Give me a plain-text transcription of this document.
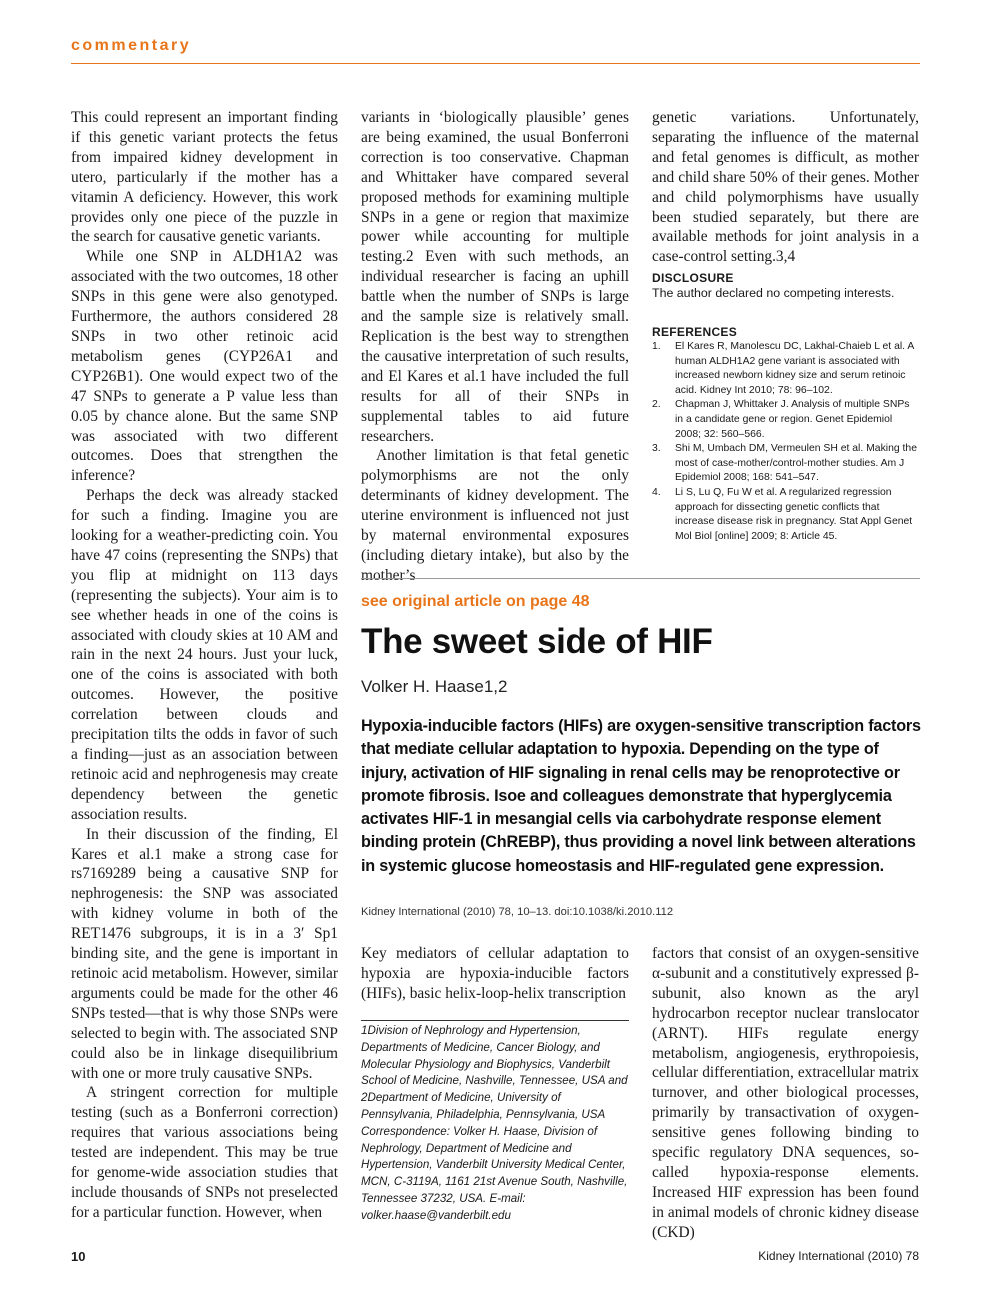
commentary

This could represent an important finding if this genetic variant protects the fetus from impaired kidney development in utero, particularly if the mother has a vitamin A deficiency. However, this work provides only one piece of the puzzle in the search for causative genetic variants.

While one SNP in ALDH1A2 was associated with the two outcomes, 18 other SNPs in this gene were also genotyped. Furthermore, the authors considered 28 SNPs in two other retinoic acid metabolism genes (CYP26A1 and CYP26B1). One would expect two of the 47 SNPs to generate a P value less than 0.05 by chance alone. But the same SNP was associated with two different outcomes. Does that strengthen the inference?

Perhaps the deck was already stacked for such a finding. Imagine you are looking for a weather-predicting coin. You have 47 coins (representing the SNPs) that you flip at midnight on 113 days (representing the subjects). Your aim is to see whether heads in one of the coins is associated with cloudy skies at 10 AM and rain in the next 24 hours. Just your luck, one of the coins is associated with both outcomes. However, the positive correlation between clouds and precipitation tilts the odds in favor of such a finding—just as an association between retinoic acid and nephrogenesis may create dependency between the genetic association results.

In their discussion of the finding, El Kares et al.1 make a strong case for rs7169289 being a causative SNP for nephrogenesis: the SNP was associated with kidney volume in both of the RET1476 subgroups, it is in a 3′ Sp1 binding site, and the gene is important in retinoic acid metabolism. However, similar arguments could be made for the other 46 SNPs tested—that is why those SNPs were selected to begin with. The associated SNP could also be in linkage disequilibrium with one or more truly causative SNPs.

A stringent correction for multiple testing (such as a Bonferroni correction) requires that various associations being tested are independent. This may be true for genome-wide association studies that include thousands of SNPs not preselected for a particular function. However, when

variants in ‘biologically plausible’ genes are being examined, the usual Bonferroni correction is too conservative. Chapman and Whittaker have compared several proposed methods for examining multiple SNPs in a gene or region that maximize power while accounting for multiple testing.2 Even with such methods, an individual researcher is facing an uphill battle when the number of SNPs is large and the sample size is relatively small. Replication is the best way to strengthen the causative interpretation of such results, and El Kares et al.1 have included the full results for all of their SNPs in supplemental tables to aid future researchers.

Another limitation is that fetal genetic polymorphisms are not the only determinants of kidney development. The uterine environment is influenced not just by maternal environmental exposures (including dietary intake), but also by the mother’s

genetic variations. Unfortunately, separating the influence of the maternal and fetal genomes is difficult, as mother and child share 50% of their genes. Mother and child polymorphisms have usually been studied separately, but there are available methods for joint analysis in a case-control setting.3,4

DISCLOSURE
The author declared no competing interests.
REFERENCES
1. El Kares R, Manolescu DC, Lakhal-Chaieb L et al. A human ALDH1A2 gene variant is associated with increased newborn kidney size and serum retinoic acid. Kidney Int 2010; 78: 96–102.
2. Chapman J, Whittaker J. Analysis of multiple SNPs in a candidate gene or region. Genet Epidemiol 2008; 32: 560–566.
3. Shi M, Umbach DM, Vermeulen SH et al. Making the most of case-mother/control-mother studies. Am J Epidemiol 2008; 168: 541–547.
4. Li S, Lu Q, Fu W et al. A regularized regression approach for dissecting genetic conflicts that increase disease risk in pregnancy. Stat Appl Genet Mol Biol [online] 2009; 8: Article 45.
see original article on page 48
The sweet side of HIF
Volker H. Haase1,2

Hypoxia-inducible factors (HIFs) are oxygen-sensitive transcription factors that mediate cellular adaptation to hypoxia. Depending on the type of injury, activation of HIF signaling in renal cells may be renoprotective or promote fibrosis. Isoe and colleagues demonstrate that hyperglycemia activates HIF-1 in mesangial cells via carbohydrate response element binding protein (ChREBP), thus providing a novel link between alterations in systemic glucose homeostasis and HIF-regulated gene expression.

Kidney International (2010) 78, 10–13. doi:10.1038/ki.2010.112

Key mediators of cellular adaptation to hypoxia are hypoxia-inducible factors (HIFs), basic helix-loop-helix transcription

factors that consist of an oxygen-sensitive α-subunit and a constitutively expressed β-subunit, also known as the aryl hydrocarbon receptor nuclear translocator (ARNT). HIFs regulate energy metabolism, angiogenesis, erythropoiesis, cellular differentiation, extracellular matrix turnover, and other biological processes, primarily by transactivation of oxygen-sensitive genes following binding to specific regulatory DNA sequences, so-called hypoxia-response elements. Increased HIF expression has been found in animal models of chronic kidney disease (CKD)

1Division of Nephrology and Hypertension, Departments of Medicine, Cancer Biology, and Molecular Physiology and Biophysics, Vanderbilt School of Medicine, Nashville, Tennessee, USA and 2Department of Medicine, University of Pennsylvania, Philadelphia, Pennsylvania, USA Correspondence: Volker H. Haase, Division of Nephrology, Department of Medicine and Hypertension, Vanderbilt University Medical Center, MCN, C-3119A, 1161 21st Avenue South, Nashville, Tennessee 37232, USA. E-mail: volker.haase@vanderbilt.edu

10	Kidney International (2010) 78
